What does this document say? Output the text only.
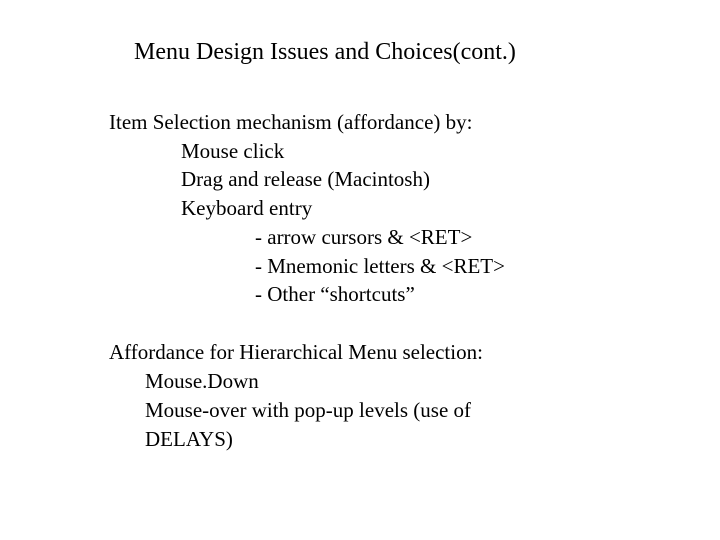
Menu Design Issues and Choices(cont.)
Item Selection mechanism (affordance) by:
Mouse click
Drag and release (Macintosh)
Keyboard entry
- arrow cursors & <RET>
- Mnemonic letters & <RET>
- Other “shortcuts”
Affordance for Hierarchical Menu selection:
Mouse.Down
Mouse-over with pop-up levels (use of
DELAYS)
